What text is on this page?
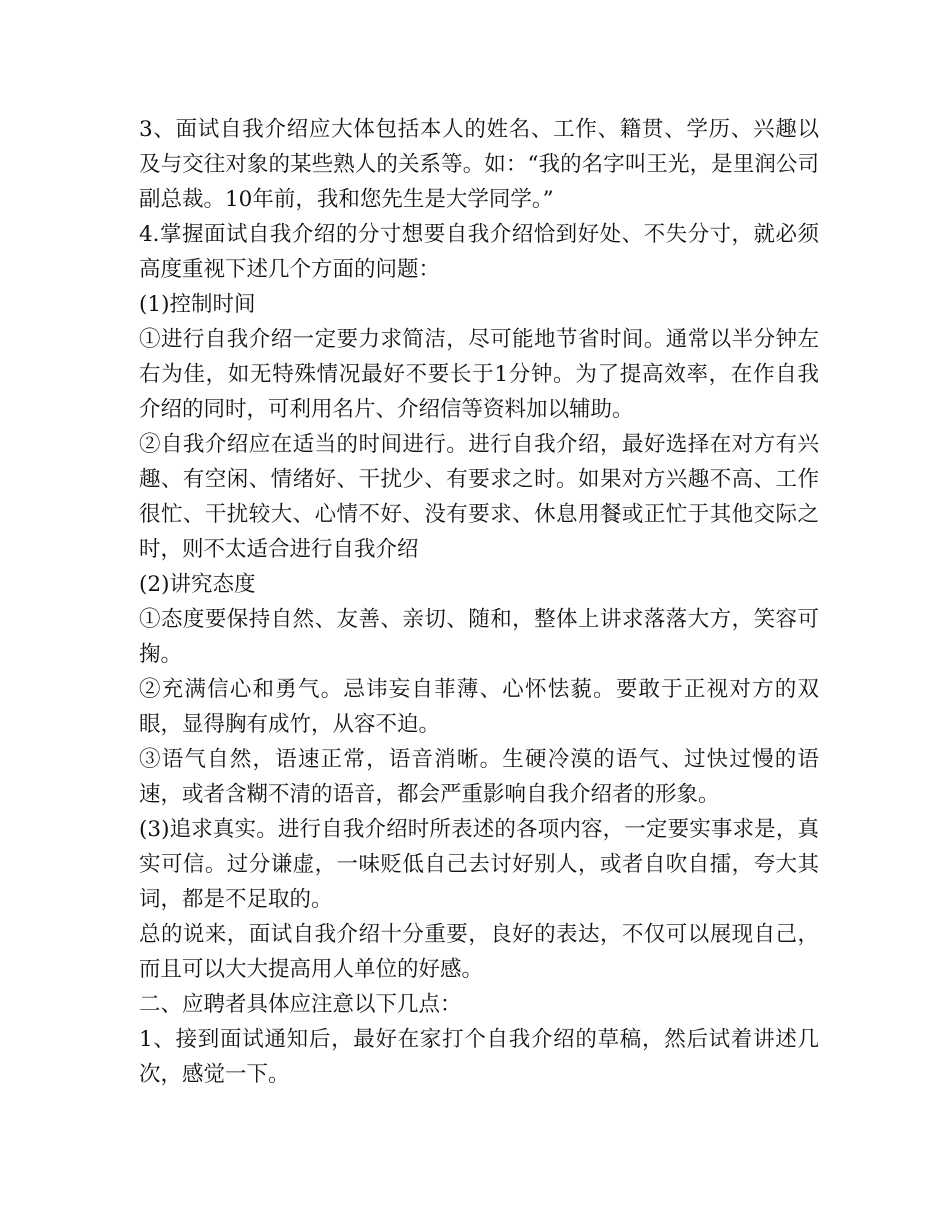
3、面试自我介绍应大体包括本人的姓名、工作、籍贯、学历、兴趣以及与交往对象的某些熟人的关系等。如：“我的名字叫王光，是里润公司副总裁。10年前，我和您先生是大学同学。”

4.掌握面试自我介绍的分寸想要自我介绍恰到好处、不失分寸，就必须高度重视下述几个方面的问题：

(1)控制时间

①进行自我介绍一定要力求简洁，尽可能地节省时间。通常以半分钟左右为佳，如无特殊情况最好不要长于1分钟。为了提高效率，在作自我介绍的同时，可利用名片、介绍信等资料加以辅助。

②自我介绍应在适当的时间进行。进行自我介绍，最好选择在对方有兴趣、有空闲、情绪好、干扰少、有要求之时。如果对方兴趣不高、工作很忙、干扰较大、心情不好、没有要求、休息用餐或正忙于其他交际之时，则不太适合进行自我介绍

(2)讲究态度

①态度要保持自然、友善、亲切、随和，整体上讲求落落大方，笑容可掬。

②充满信心和勇气。忌讳妄自菲薄、心怀怯藐。要敢于正视对方的双眼，显得胸有成竹，从容不迫。

③语气自然，语速正常，语音消晰。生硬冷漠的语气、过快过慢的语速，或者含糊不清的语音，都会严重影响自我介绍者的形象。

(3)追求真实。进行自我介绍时所表述的各项内容，一定要实事求是，真实可信。过分谦虚，一味贬低自己去讨好别人，或者自吹自擂，夸大其词，都是不足取的。

总的说来，面试自我介绍十分重要，良好的表达，不仅可以展现自己，而且可以大大提高用人单位的好感。

二、应聘者具体应注意以下几点：

1、接到面试通知后，最好在家打个自我介绍的草稿，然后试着讲述几次，感觉一下。
